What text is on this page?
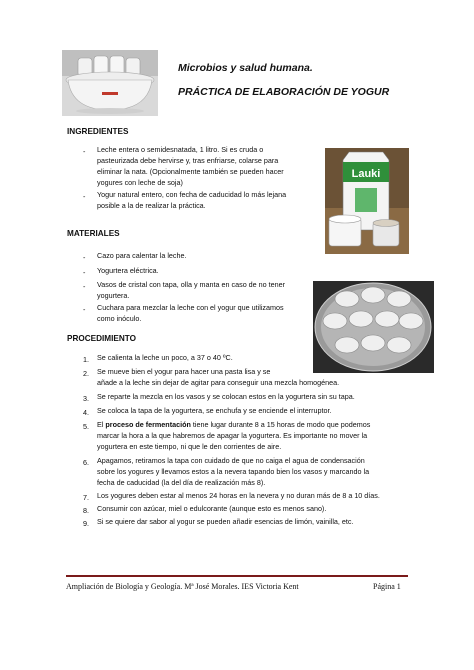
Microbios y salud humana.
PRÁCTICA DE ELABORACIÓN DE YOGUR
INGREDIENTES
- Leche entera o semidesnatada, 1 litro. Si es cruda o
pasteurizada debe hervirse y, tras enfriarse, colarse para
eliminar la nata. (Opcionalmente también se pueden hacer
yogures con leche de soja)
- Yogur natural entero, con fecha de caducidad lo más lejana
posible a la de realizar la práctica.
Lauki
MATERIALES
- Cazo para calentar la leche.
- Yogurtera eléctrica.
- Vasos de cristal con tapa, olla y manta en caso de no tener
yogurtera.
- Cuchara para mezclar la leche con el yogur que utilizamos
como inóculo.
PROCEDIMIENTO
1. Se calienta la leche un poco, a 37 o 40 ºC.
2. Se mueve bien el yogur para hacer una pasta lisa y se
añade a la leche sin dejar de agitar para conseguir una mezcla homogénea.
3. Se reparte la mezcla en los vasos y se colocan estos en la yogurtera sin su tapa.
4. Se coloca la tapa de la yogurtera, se enchufa y se enciende el interruptor.
5. El proceso de fermentación tiene lugar durante 8 a 15 horas de modo que podemos
marcar la hora a la que habremos de apagar la yogurtera. Es importante no mover la
yogurtera en este tiempo, ni que le den corrientes de aire.
6. Apagamos, retiramos la tapa con cuidado de que no caiga el agua de condensación
sobre los yogures y llevamos estos a la nevera tapando bien los vasos y marcando la
fecha de caducidad (la del día de realización más 8).
7. Los yogures deben estar al menos 24 horas en la nevera y no duran más de 8 a 10 días.
8. Consumir con azúcar, miel o edulcorante (aunque esto es menos sano).
9. Si se quiere dar sabor al yogur se pueden añadir esencias de limón, vainilla, etc.
Ampliación de Biología y Geología. Mª José Morales. IES Victoria Kent	Página 1
